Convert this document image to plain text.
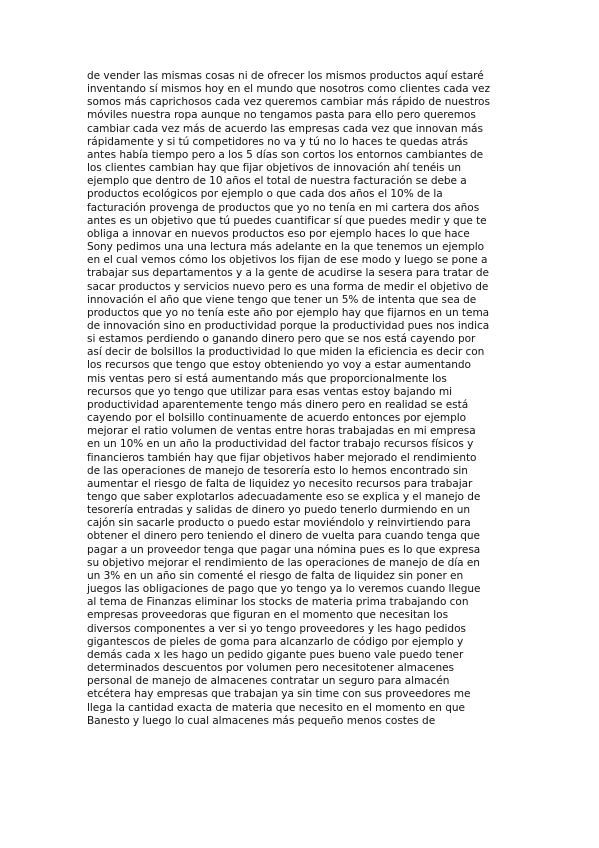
de vender las mismas cosas ni de ofrecer los mismos productos aquí estaré
inventando sí mismos hoy en el mundo que nosotros como clientes cada vez
somos más caprichosos cada vez queremos cambiar más rápido de nuestros
móviles nuestra ropa aunque no tengamos pasta para ello pero queremos
cambiar cada vez más de acuerdo las empresas cada vez que innovan más
rápidamente y si tú competidores no va y tú no lo haces te quedas atrás
antes había tiempo pero a los 5 días son cortos los entornos cambiantes de
los clientes cambian hay que fijar objetivos de innovación ahí tenéis un
ejemplo que dentro de 10 años el total de nuestra facturación se debe a
productos ecológicos por ejemplo o que cada dos años el 10% de la
facturación provenga de productos que yo no tenía en mi cartera dos años
antes es un objetivo que tú puedes cuantificar sí que puedes medir y que te
obliga a innovar en nuevos productos eso por ejemplo haces lo que hace
Sony pedimos una una lectura más adelante en la que tenemos un ejemplo
en el cual vemos cómo los objetivos los fijan de ese modo y luego se pone a
trabajar sus departamentos y a la gente de acudirse la sesera para tratar de
sacar productos y servicios nuevo pero es una forma de medir el objetivo de
innovación el año que viene tengo que tener un 5% de intenta que sea de
productos que yo no tenía este año por ejemplo hay que fijarnos en un tema
de innovación sino en productividad porque la productividad pues nos indica
si estamos perdiendo o ganando dinero pero que se nos está cayendo por
así decir de bolsillos la productividad lo que miden la eficiencia es decir con
los recursos que tengo que estoy obteniendo yo voy a estar aumentando
mis ventas pero si está aumentando más que proporcionalmente los
recursos que yo tengo que utilizar para esas ventas estoy bajando mi
productividad aparentemente tengo más dinero pero en realidad se está
cayendo por el bolsillo continuamente de acuerdo entonces por ejemplo
mejorar el ratio volumen de ventas entre horas trabajadas en mi empresa
en un 10% en un año la productividad del factor trabajo recursos físicos y
financieros también hay que fijar objetivos haber mejorado el rendimiento
de las operaciones de manejo de tesorería esto lo hemos encontrado sin
aumentar el riesgo de falta de liquidez yo necesito recursos para trabajar
tengo que saber explotarlos adecuadamente eso se explica y el manejo de
tesorería entradas y salidas de dinero yo puedo tenerlo durmiendo en un
cajón sin sacarle producto o puedo estar moviéndolo y reinvirtiendo para
obtener el dinero pero teniendo el dinero de vuelta para cuando tenga que
pagar a un proveedor tenga que pagar una nómina pues es lo que expresa
su objetivo mejorar el rendimiento de las operaciones de manejo de día en
un 3% en un año sin comenté el riesgo de falta de liquidez sin poner en
juegos las obligaciones de pago que yo tengo ya lo veremos cuando llegue
al tema de Finanzas eliminar los stocks de materia prima trabajando con
empresas proveedoras que figuran en el momento que necesitan los
diversos componentes a ver si yo tengo proveedores y les hago pedidos
gigantescos de pieles de goma para alcanzarlo de código por ejemplo y
demás cada x les hago un pedido gigante pues bueno vale puedo tener
determinados descuentos por volumen pero necesitotener almacenes
personal de manejo de almacenes contratar un seguro para almacén
etcétera hay empresas que trabajan ya sin time con sus proveedores me
llega la cantidad exacta de materia que necesito en el momento en que
Banesto y luego lo cual almacenes más pequeño menos costes de
